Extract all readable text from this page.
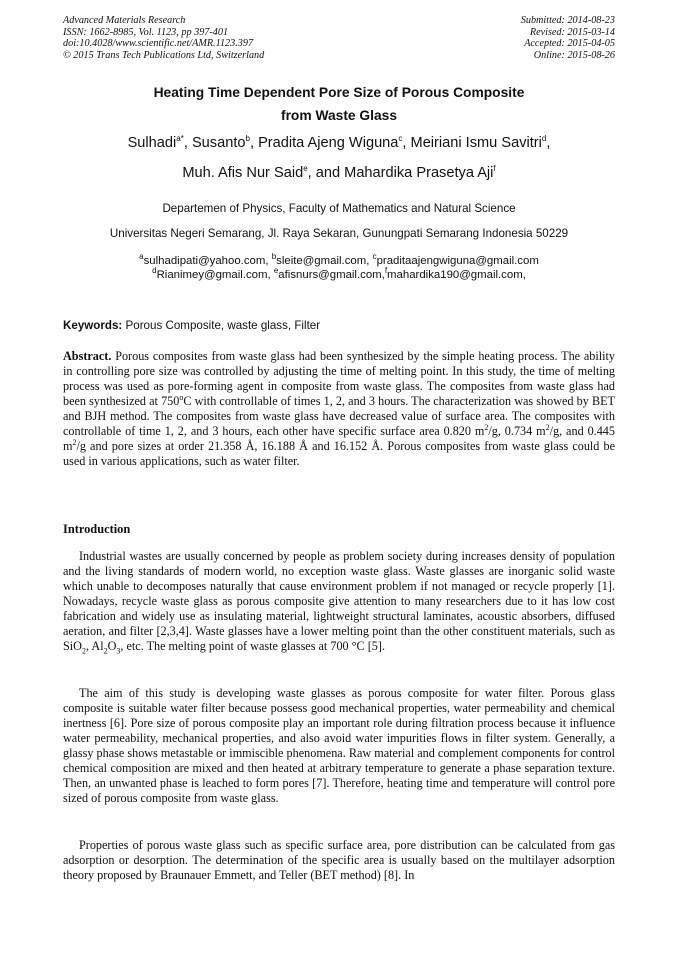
Advanced Materials Research
ISSN: 1662-8985, Vol. 1123, pp 397-401
doi:10.4028/www.scientific.net/AMR.1123.397
© 2015 Trans Tech Publications Ltd, Switzerland
Submitted: 2014-08-23
Revised: 2015-03-14
Accepted: 2015-04-05
Online: 2015-08-26
Heating Time Dependent Pore Size of Porous Composite
from Waste Glass
Sulhadi$^{a*}$, Susanto$^b$, Pradita Ajeng Wiguna$^c$, Meiriani Ismu Savitri$^d$,
Muh. Afis Nur Said$^e$, and Mahardika Prasetya Aji$^f$
Departemen of Physics, Faculty of Mathematics and Natural Science
Universitas Negeri Semarang, Jl. Raya Sekaran, Gunungpati Semarang Indonesia 50229
$^a$sulhadipati@yahoo.com, $^b$sleite@gmail.com, $^c$praditaajengwiguna@gmail.com
$^d$Rianimey@gmail.com, $^e$afisnurs@gmail.com,$^f$mahardika190@gmail.com,
Keywords: Porous Composite, waste glass, Filter
Abstract. Porous composites from waste glass had been synthesized by the simple heating process. The ability in controlling pore size was controlled by adjusting the time of melting point. In this study, the time of melting process was used as pore-forming agent in composite from waste glass. The composites from waste glass had been synthesized at 750$^o$C with controllable of times 1, 2, and 3 hours. The characterization was showed by BET and BJH method. The composites from waste glass have decreased value of surface area. The composites with controllable of time 1, 2, and 3 hours, each other have specific surface area 0.820 $m^2/g$, 0.734 $m^2/g$, and 0.445 $m^2/g$ and pore sizes at order 21.358 Å, 16.188 Å and 16.152 Å. Porous composites from waste glass could be used in various applications, such as water filter.
Introduction
Industrial wastes are usually concerned by people as problem society during increases density of population and the living standards of modern world, no exception waste glass. Waste glasses are inorganic solid waste which unable to decomposes naturally that cause environment problem if not managed or recycle properly [1]. Nowadays, recycle waste glass as porous composite give attention to many researchers due to it has low cost fabrication and widely use as insulating material, lightweight structural laminates, acoustic absorbers, diffused aeration, and filter [2,3,4]. Waste glasses have a lower melting point than the other constituent materials, such as SiO$_2$, $Al_2O_3$, etc. The melting point of waste glasses at 700 °C [5].
The aim of this study is developing waste glasses as porous composite for water filter. Porous glass composite is suitable water filter because possess good mechanical properties, water permeability and chemical inertness [6]. Pore size of porous composite play an important role during filtration process because it influence water permeability, mechanical properties, and also avoid water impurities flows in filter system. Generally, a glassy phase shows metastable or immiscible phenomena. Raw material and complement components for control chemical composition are mixed and then heated at arbitrary temperature to generate a phase separation texture. Then, an unwanted phase is leached to form pores [7]. Therefore, heating time and temperature will control pore sized of porous composite from waste glass.
Properties of porous waste glass such as specific surface area, pore distribution can be calculated from gas adsorption or desorption. The determination of the specific area is usually based on the multilayer adsorption theory proposed by Braunauer Emmett, and Teller (BET method) [8]. In
